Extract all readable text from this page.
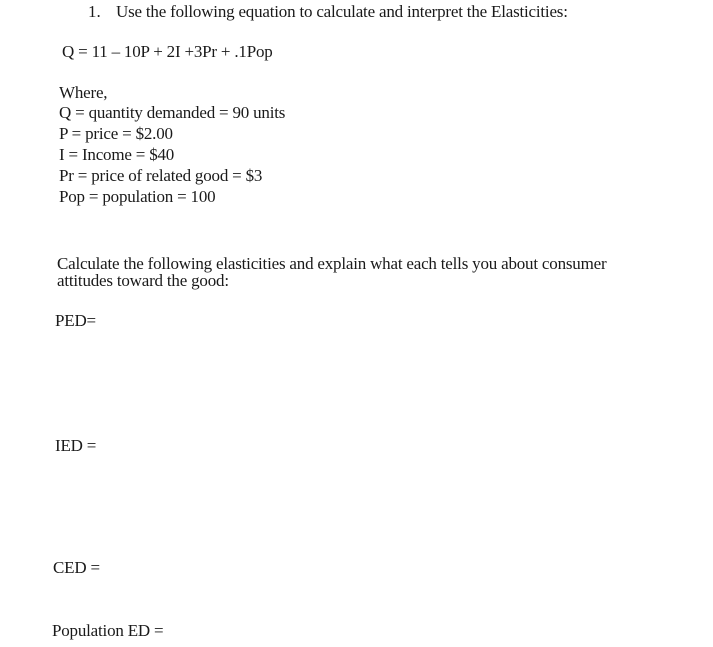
1. Use the following equation to calculate and interpret the Elasticities:
Q = 11 – 10P + 2I +3Pr + .1Pop
Where,
Q = quantity demanded = 90 units
P = price = $2.00
I = Income = $40
Pr = price of related good = $3
Pop = population = 100
Calculate the following elasticities and explain what each tells you about consumer
attitudes toward the good:
PED=
IED =
CED =
Population ED =
